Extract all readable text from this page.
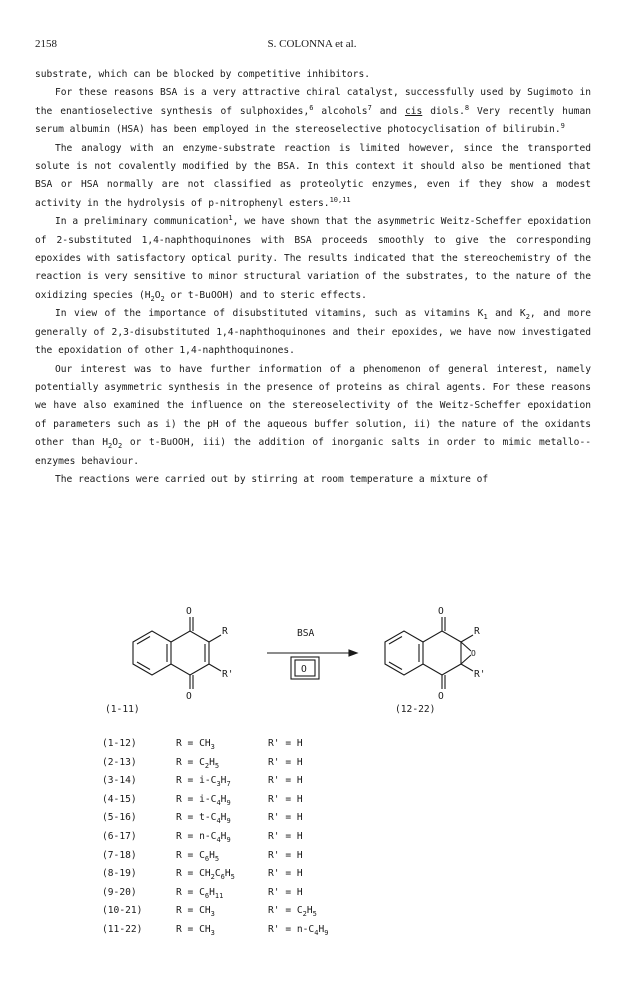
2158	S. COLONNA et al.

substrate, which can be blocked by competitive inhibitors.

For these reasons BSA is a very attractive chiral catalyst, successfully used by Sugimoto in the enantioselective synthesis of sulphoxides,$^6$ alcohols$^7$ and cis diols.$^8$ Very recently human serum albumin (HSA) has been employed in the stereoselective photocyclisation of bilirubin.$^9$

The analogy with an enzyme-substrate reaction is limited however, since the transported solute is not covalently modified by the BSA. In this context it should also be mentioned that BSA or HSA normally are not classified as proteolytic enzymes, even if they show a modest activity in the hydrolysis of p-nitrophenyl esters.$^{10,11}$

In a preliminary communication$^1$, we have shown that the asymmetric Weitz-Scheffer epoxidation of 2-substituted 1,4-naphthoquinones with BSA proceeds smoothly to give the corresponding epoxides with satisfactory optical purity. The results indicated that the stereochemistry of the reaction is very sensitive to minor structural variation of the substrates, to the nature of the oxidizing species ($H_2O_2$ or t-BuOOH) and to steric effects.

In view of the importance of disubstituted vitamins, such as vitamins $K_1$ and $K_2$, and more generally of 2,3-disubstituted 1,4-naphthoquinones and their epoxides, we have now investigated the epoxidation of other 1,4-naphthoquinones.

Our interest was to have further information of a phenomenon of general interest, namely potentially asymmetric synthesis in the presence of proteins as chiral agents. For these reasons we have also examined the influence on the stereoselectivity of the Weitz-Scheffer epoxidation of parameters such as i) the pH of the aqueous buffer solution, ii) the nature of the oxidants other than $H_2O_2$ or t-BuOOH, iii) the addition of inorganic salts in order to mimic metallo--enzymes behaviour.

The reactions were carried out by stirring at room temperature a mixture of

O
O
R
R'
BSA
O
O
O
O
R
R'
(1-11)	(12-22)
(1-12)	$R = CH_3$	R' = H
(2-13)	$R = C_2H_5$	R' = H
(3-14)	$R = i-C_3H_7$	R' = H
(4-15)	$R = i-C_4H_9$	R' = H
(5-16)	$R = t-C_4H_9$	R' = H
(6-17)	$R = n-C_4H_9$	R' = H
(7-18)	$R = C_6H_5$	R' = H
(8-19)	$R = CH_2C_6H_5$	R' = H
(9-20)	$R = C_6H_{11}$	R' = H
(10-21)	$R = CH_3$	$R' = C_2H_5$
(11-22)	$R = CH_3$	$R' = n-C_4H_9$
